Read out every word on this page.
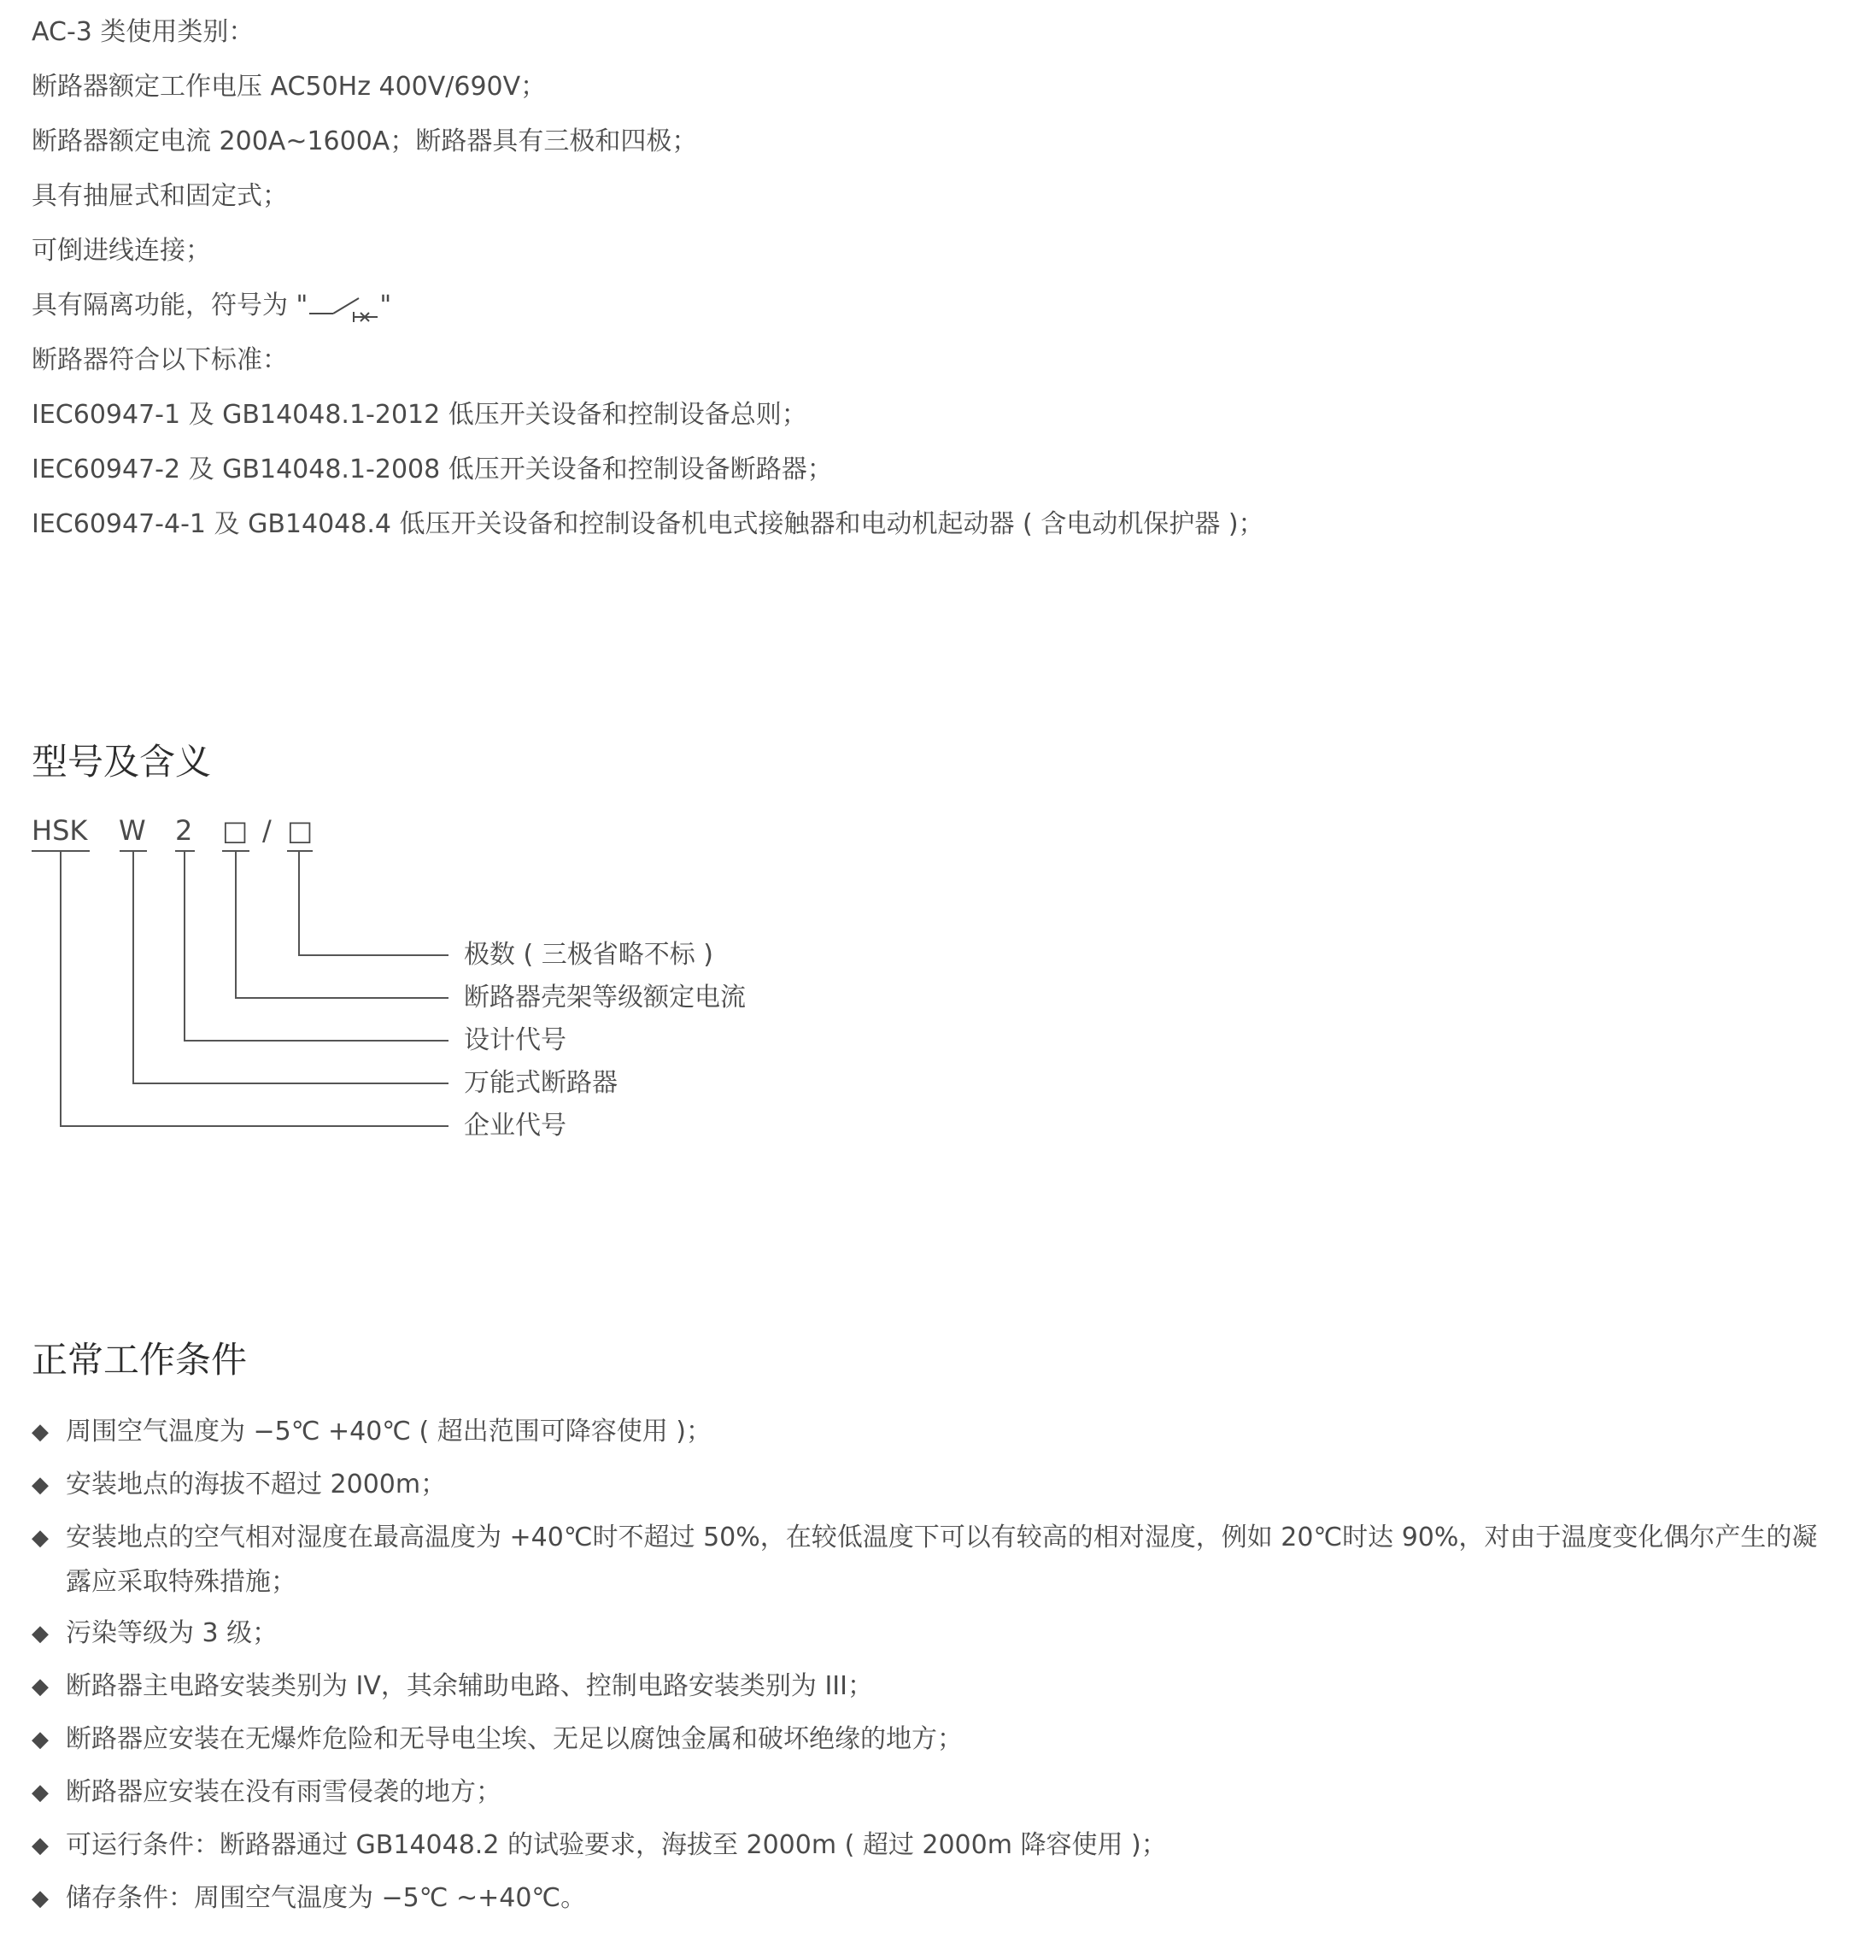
AC-3 类使用类别：
断路器额定工作电压 AC50Hz 400V/690V；
断路器额定电流 200A~1600A；断路器具有三极和四极；
具有抽屉式和固定式；
可倒进线连接；
具有隔离功能，符号为 "	"
断路器符合以下标准：
IEC60947-1 及 GB14048.1-2012 低压开关设备和控制设备总则；
IEC60947-2 及 GB14048.1-2008 低压开关设备和控制设备断路器；
IEC60947-4-1 及 GB14048.4 低压开关设备和控制设备机电式接触器和电动机起动器 ( 含电动机保护器 )；
型号及含义
HSK W 2 □ / □
极数 ( 三极省略不标 )
断路器壳架等级额定电流
设计代号
万能式断路器
企业代号
正常工作条件
◆ 周围空气温度为 −5℃ +40℃ ( 超出范围可降容使用 )；
◆ 安装地点的海拔不超过 2000m；
◆ 安装地点的空气相对湿度在最高温度为 +40℃时不超过 50%，在较低温度下可以有较高的相对湿度，例如 20℃时达 90%，对由于温度变化偶尔产生的凝露应采取特殊措施；
◆ 污染等级为 3 级；
◆ 断路器主电路安装类别为 IV，其余辅助电路、控制电路安装类别为 III；
◆ 断路器应安装在无爆炸危险和无导电尘埃、无足以腐蚀金属和破坏绝缘的地方；
◆ 断路器应安装在没有雨雪侵袭的地方；
◆ 可运行条件：断路器通过 GB14048.2 的试验要求，海拔至 2000m ( 超过 2000m 降容使用 )；
◆ 储存条件：周围空气温度为 −5℃ ~+40℃。
